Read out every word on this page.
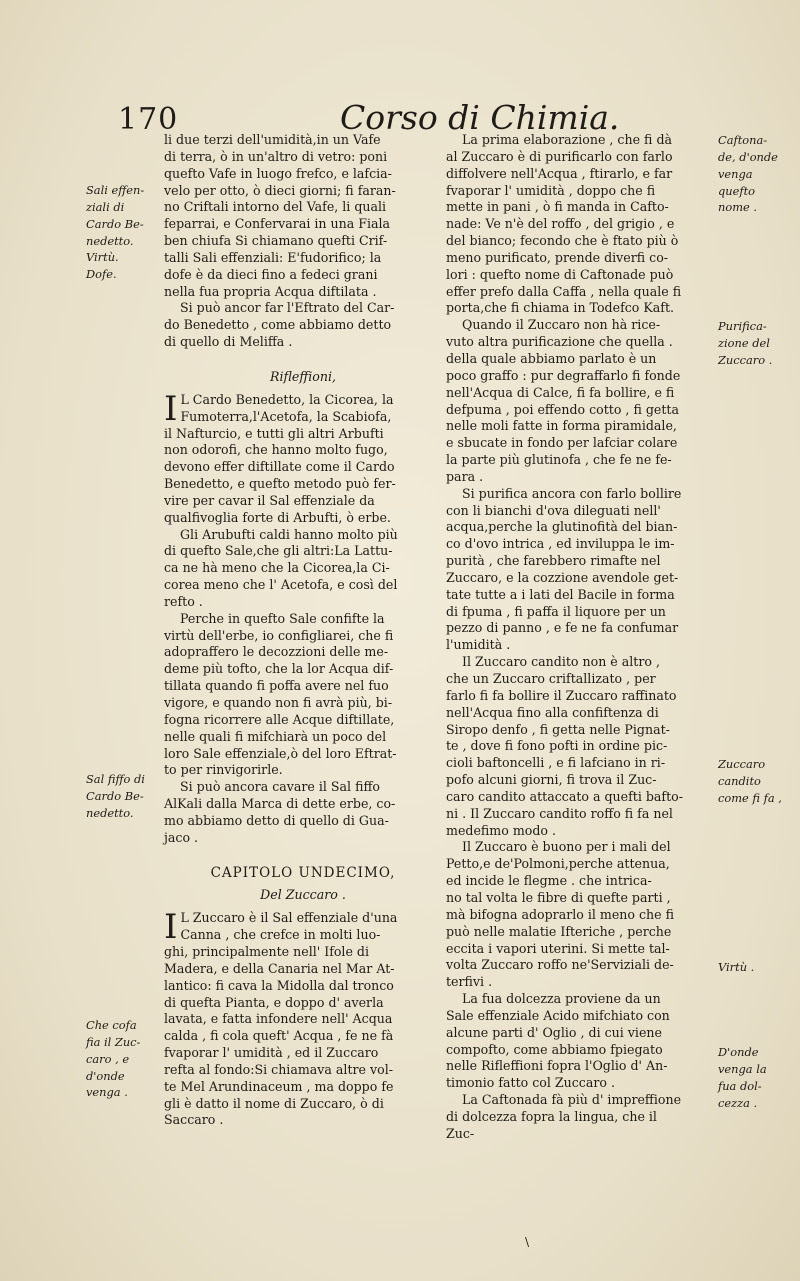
170	Corso di Chimia.
Sali effen-
ziali di
Cardo Be-
nedetto.
Virtù.
Dofe.
Sal fiffo di
Cardo Be-
nedetto.
Che cofa
fia il Zuc-
caro , e
d'onde
venga .
Caftona-
de, d'onde
venga
quefto
nome .
Purifica-
zione del
Zuccaro .
Zuccaro
candito
come fi fa ,
Virtù .
D'onde
venga la
fua dol-
cezza .
li due terzi dell'umidità,in un Vafe
di terra, ò in un'altro di vetro: poni
quefto Vafe in luogo frefco, e lafcia-
velo per otto, ò dieci giorni; fi faran-
no Criftali intorno del Vafe, li quali
feparrai, e Confervarai in una Fiala
ben chiufa Si chiamano quefti Crif-
talli Sali effenziali: E'fudorifico; la
dofe è da dieci fino a fedeci grani
nella fua propria Acqua diftilata .
Si può ancor far l'Eftrato del Car-
do Benedetto , come abbiamo detto
di quello di Meliffa .
Rifleffioni,
I L Cardo Benedetto, la Cicorea, la
Fumoterra,l'Acetofa, la Scabiofa,
il Nafturcio, e tutti gli altri Arbufti
non odorofi, che hanno molto fugo,
devono effer diftillate come il Cardo
Benedetto, e quefto metodo può fer-
vire per cavar il Sal effenziale da
qualfivoglia forte di Arbufti, ò erbe.
Gli Arubufti caldi hanno molto più
di quefto Sale,che gli altri:La Lattu-
ca ne hà meno che la Cicorea,la Ci-
corea meno che l' Acetofa, e così del
refto .
Perche in quefto Sale confifte la
virtù dell'erbe, io configliarei, che fi
adopraffero le decozzioni delle me-
deme più tofto, che la lor Acqua dif-
tillata quando fi poffa avere nel fuo
vigore, e quando non fi avrà più, bi-
fogna ricorrere alle Acque diftillate,
nelle quali fi mifchiarà un poco del
loro Sale effenziale,ò del loro Eftrat-
to per rinvigorirle.
Si può ancora cavare il Sal fiffo
AlKali dalla Marca di dette erbe, co-
mo abbiamo detto di quello di Gua-
jaco .
CAPITOLO UNDECIMO,
Del Zuccaro .
I L Zuccaro è il Sal effenziale d'una
Canna , che crefce in molti luo-
ghi, principalmente nell' Ifole di
Madera, e della Canaria nel Mar At-
lantico: fi cava la Midolla dal tronco
di quefta Pianta, e doppo d' averla
lavata, e fatta infondere nell' Acqua
calda , fi cola queft' Acqua , fe ne fà
fvaporar l' umidità , ed il Zuccaro
refta al fondo:Si chiamava altre vol-
te Mel Arundinaceum , ma doppo fe
gli è datto il nome di Zuccaro, ò di
Saccaro .
La prima elaborazione , che fi dà
al Zuccaro è di purificarlo con farlo
diffolvere nell'Acqua , ftirarlo, e far
fvaporar l' umidità , doppo che fi
mette in pani , ò fi manda in Cafto-
nade: Ve n'è del roffo , del grigio , e
del bianco; fecondo che è ftato più ò
meno purificato, prende diverfi co-
lori : quefto nome di Caftonade può
effer prefo dalla Caffa , nella quale fi
porta,che fi chiama in Todefco Kaft.
Quando il Zuccaro non hà rice-
vuto altra purificazione che quella .
della quale abbiamo parlato è un
poco graffo : pur degraffarlo fi fonde
nell'Acqua di Calce, fi fa bollire, e fi
defpuma , poi effendo cotto , fi getta
nelle moli fatte in forma piramidale,
e sbucate in fondo per lafciar colare
la parte più glutinofa , che fe ne fe-
para .
Si purifica ancora con farlo bollire
con li bianchi d'ova dileguati nell'
acqua,perche la glutinofità del bian-
co d'ovo intrica , ed inviluppa le im-
purità , che farebbero rimafte nel
Zuccaro, e la cozzione avendole get-
tate tutte a i lati del Bacile in forma
di fpuma , fi paffa il liquore per un
pezzo di panno , e fe ne fa confumar
l'umidità .
Il Zuccaro candito non è altro ,
che un Zuccaro criftallizato , per
farlo fi fa bollire il Zuccaro raffinato
nell'Acqua fino alla confiftenza di
Siropo denfo , fi getta nelle Pignat-
te , dove fi fono pofti in ordine pic-
cioli baftoncelli , e fi lafciano in ri-
pofo alcuni giorni, fi trova il Zuc-
caro candito attaccato a quefti bafto-
ni . Il Zuccaro candito roffo fi fa nel
medefimo modo .
Il Zuccaro è buono per i mali del
Petto,e de'Polmoni,perche attenua,
ed incide le flegme . che intrica-
no tal volta le fibre di quefte parti ,
mà bifogna adoprarlo il meno che fi
può nelle malatie Ifteriche , perche
eccita i vapori uterini. Si mette tal-
volta Zuccaro roffo ne'Serviziali de-
terfivi .
La fua dolcezza proviene da un
Sale effenziale Acido mifchiato con
alcune parti d' Oglio , di cui viene
compofto, come abbiamo fpiegato
nelle Rifleffioni fopra l'Oglio d' An-
timonio fatto col Zuccaro .
La Caftonada fà più d' impreffione
di dolcezza fopra la lingua, che il
Zuc-
\
